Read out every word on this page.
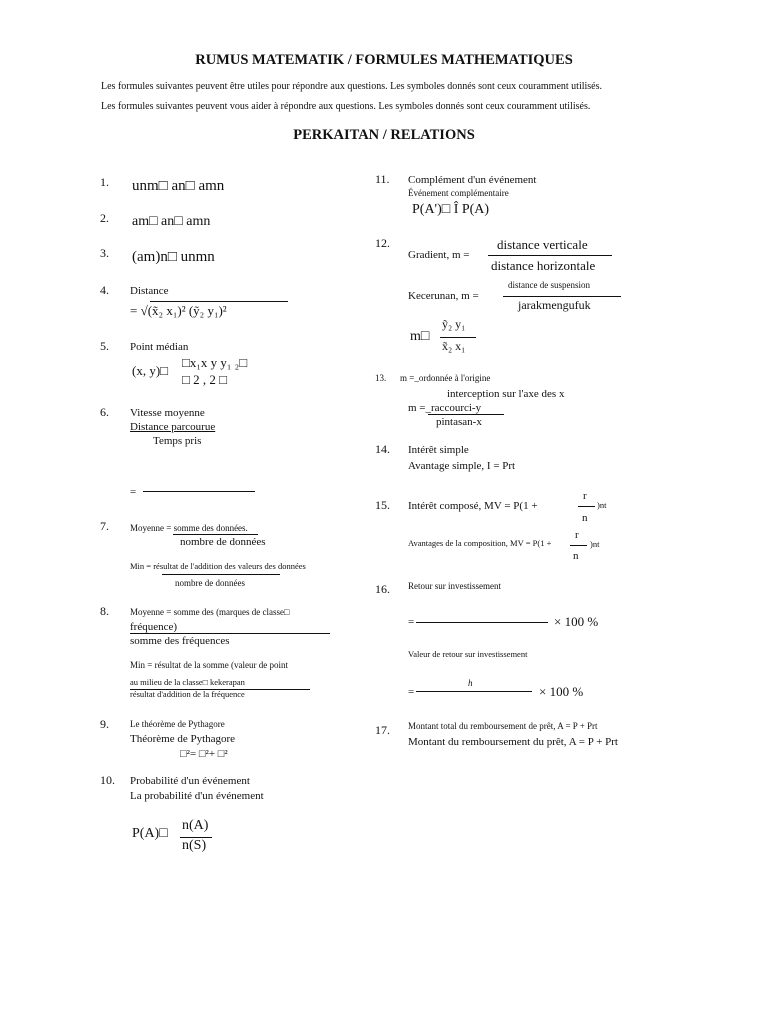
RUMUS MATEMATIK / FORMULES MATHEMATIQUES
Les formules suivantes peuvent être utiles pour répondre aux questions. Les symboles donnés sont ceux couramment utilisés.
Les formules suivantes peuvent vous aider à répondre aux questions. Les symboles donnés sont ceux couramment utilisés.
PERKAITAN / RELATIONS
1. unm□ an□ amn
2. am□ an□ amn
3. (am)n□ unmn
4. Distance
= √(x̃₂ x₁)² (ỹ₂ y₁)²
5. Point médian
□x₁x y y₁ ₂□
(x, y)□
□ 2 , 2 □
6. Vitesse moyenne
Distance parcourue
Temps pris
=
7. Moyenne = somme des données.
nombre de données
Min = résultat de l'addition des valeurs des données
nombre de données
8. Moyenne = somme des (marques de classe□
fréquence)
somme des fréquences
Min = résultat de la somme (valeur de point
au milieu de la classe□ kekerapan
résultat d'addition de la fréquence
9. Le théorème de Pythagore
Théorème de Pythagore
□²= □²+ □²
10. Probabilité d'un événement
La probabilité d'un événement
P(A)□
n(A)
n(S)
11. Complément d'un événement
Événement complémentaire
P(A')□ Î P(A)
12.
Gradient, m =
distance verticale
distance horizontale
Kecerunan, m =
distance de suspension
jarakmengufuk
m□
ỹ₂ y₁
x̃₂ x₁
13. m =_ordonnée à l'origine
interception sur l'axe des x
m =_raccourci-y
pintasan-x
14. Intérêt simple
Avantage simple, I = Prt
15. Intérêt composé, MV = P(1 +
r
n
)nt
Avantages de la composition, MV = P(1 +
r
n
)nt
16. Retour sur investissement
=	× 100 %
Valeur de retour sur investissement
h
=	× 100 %
17. Montant total du remboursement de prêt, A = P + Prt
Montant du remboursement du prêt, A = P + Prt
